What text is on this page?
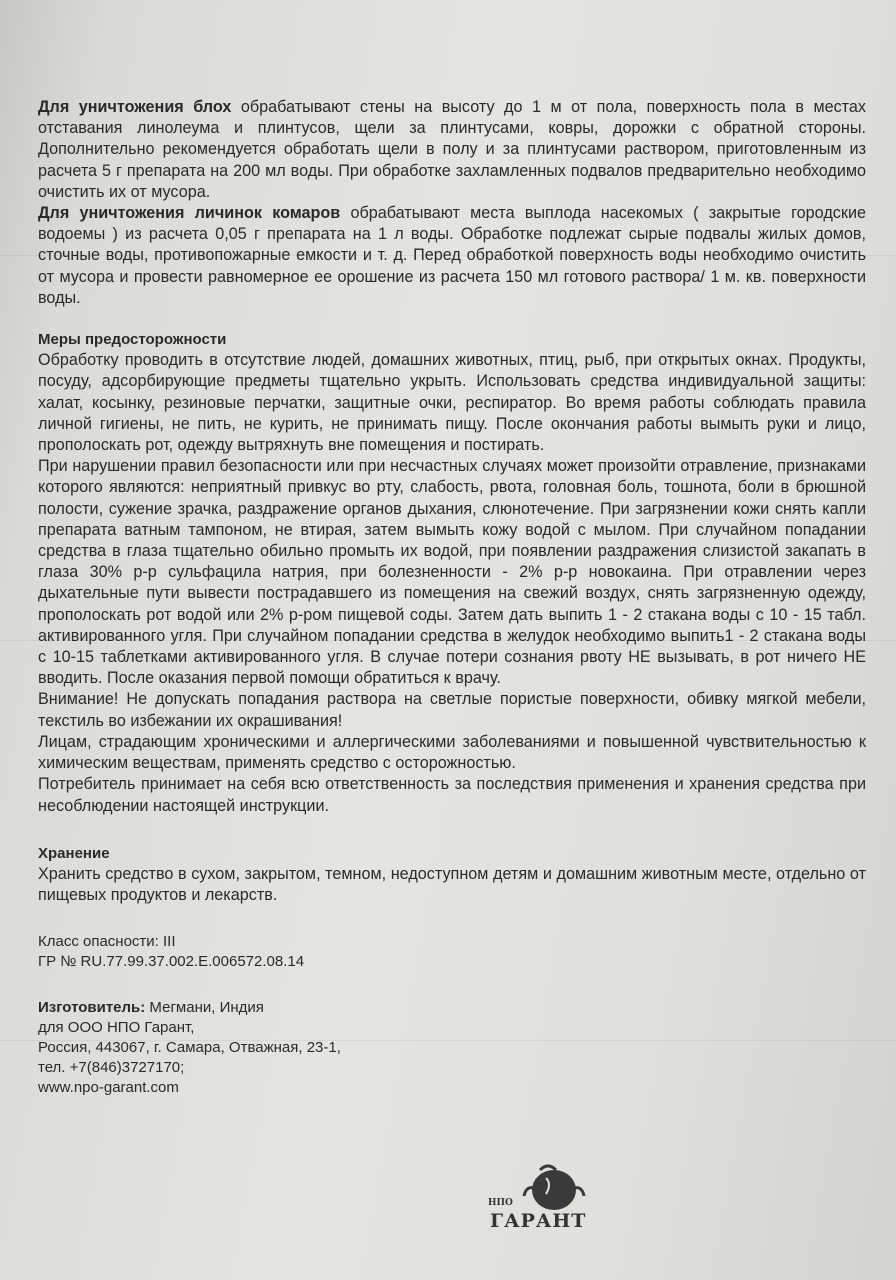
Для уничтожения блох обрабатывают стены на высоту до 1 м от пола, поверхность пола в местах отставания линолеума и плинтусов, щели за плинтусами, ковры, дорожки с обратной стороны. Дополнительно рекомендуется обработать щели в полу и за плинтусами раствором, приготовленным из расчета 5 г препарата на 200 мл воды. При обработке захламленных подвалов предварительно необходимо очистить их от мусора.

Для уничтожения личинок комаров обрабатывают места выплода насекомых ( закрытые городские водоемы ) из расчета 0,05 г препарата на 1 л воды. Обработке подлежат сырые подвалы жилых домов, сточные воды, противопожарные емкости и т. д. Перед обработкой поверхность воды необходимо очистить от мусора и провести равномерное ее орошение из расчета 150 мл готового раствора/ 1 м. кв. поверхности воды.

Меры предосторожности

Обработку проводить в отсутствие людей, домашних животных, птиц, рыб, при открытых окнах. Продукты, посуду, адсорбирующие предметы тщательно укрыть. Использовать средства индивидуальной защиты: халат, косынку, резиновые перчатки, защитные очки, респиратор. Во время работы соблюдать правила личной гигиены, не пить, не курить, не принимать пищу. После окончания работы вымыть руки и лицо, прополоскать рот, одежду вытряхнуть вне помещения и постирать.

При нарушении правил безопасности или при несчастных случаях может произойти отравление, признаками которого являются: неприятный привкус во рту, слабость, рвота, головная боль, тошнота, боли в брюшной полости, сужение зрачка, раздражение органов дыхания, слюнотечение. При загрязнении кожи снять капли препарата ватным тампоном, не втирая, затем вымыть кожу водой с мылом. При случайном попадании средства в глаза тщательно обильно промыть их водой, при появлении раздражения слизистой закапать в глаза 30% р-р сульфацила натрия, при болезненности - 2% р-р новокаина. При отравлении через дыхательные пути вывести пострадавшего из помещения на свежий воздух, снять загрязненную одежду, прополоскать рот водой или 2% р-ром пищевой соды. Затем дать выпить 1 - 2 стакана воды с 10 - 15 табл. активированного угля. При случайном попадании средства в желудок необходимо выпить1 - 2 стакана воды с 10-15 таблетками активированного угля. В случае потери сознания рвоту НЕ вызывать, в рот ничего НЕ вводить. После оказания первой помощи обратиться к врачу.

Внимание! Не допускать попадания раствора на светлые пористые поверхности, обивку мягкой мебели, текстиль во избежании их окрашивания!

Лицам, страдающим хроническими и аллергическими заболеваниями и повышенной чувствительностью к химическим веществам, применять средство с осторожностью.

Потребитель принимает на себя всю ответственность за последствия применения и хранения средства при несоблюдении настоящей инструкции.

Хранение

Хранить средство в сухом, закрытом, темном, недоступном детям и домашним животным месте, отдельно от пищевых продуктов и лекарств.

Класс опасности: III
ГР № RU.77.99.37.002.Е.006572.08.14
Изготовитель: Мегмани, Индия
для ООО НПО Гарант,
Россия, 443067, г. Самара, Отважная, 23-1,
тел. +7(846)3727170;
www.npo-garant.com
НПО
ГАРАНТ
